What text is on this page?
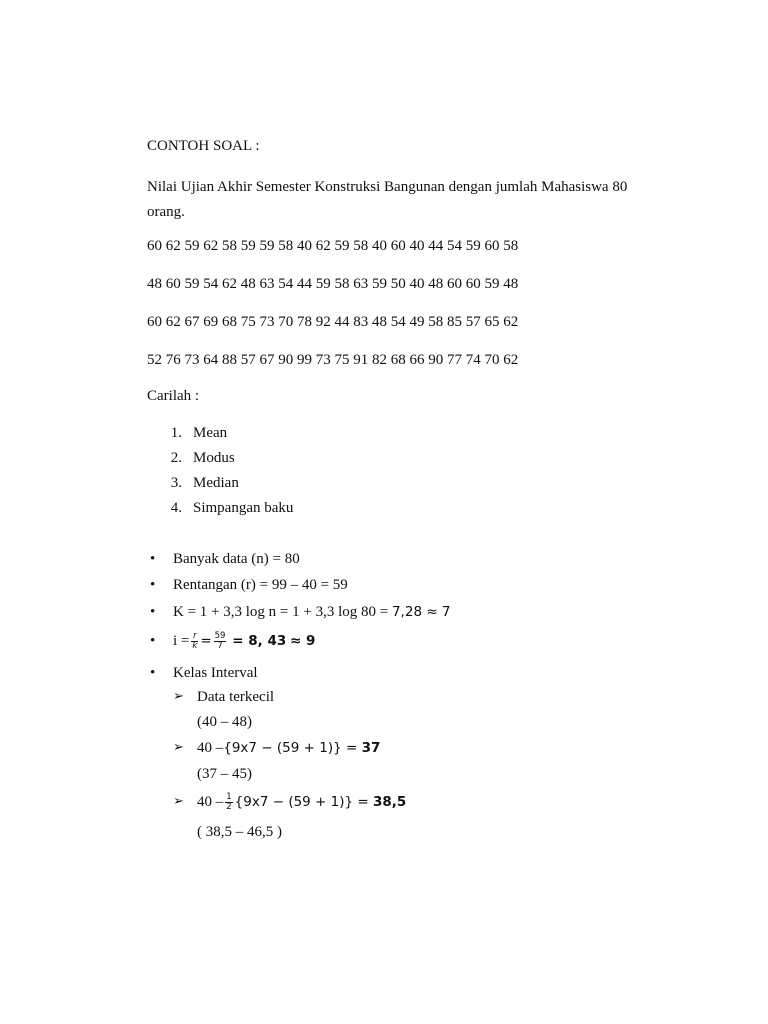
CONTOH SOAL :
Nilai Ujian Akhir Semester Konstruksi Bangunan dengan jumlah Mahasiswa 80
orang.
60 62 59 62 58 59 59 58 40 62 59 58 40 60 40 44 54 59 60 58
48 60 59 54 62 48 63 54 44 59 58 63 59 50 40 48 60 60 59 48
60 62 67 69 68 75 73 70 78 92 44 83 48 54 49 58 85 57 65 62
52 76 73 64 88 57 67 90 99 73 75 91 82 68 66 90 77 74 70 62
Carilah :
1. Mean
2. Modus
3. Median
4. Simpangan baku
• Banyak data (n) = 80
• Rentangan (r) = 99 – 40 = 59
• K = 1 + 3,3 log n = 1 + 3,3 log 80 = 7,28 ≈ 7
• $i = \frac{r}{k} = \frac{59}{7} = 8$, 43 ≈ 9
• Kelas Interval
➢ Data terkecil
(40 – 48)
➢ 40 –{9x7 − (59 + 1)} = 37
(37 – 45)
➢ $40 - \frac{1}{2} \{9x7 - (59 + 1)\} = 38,5$
( 38,5 – 46,5 )
